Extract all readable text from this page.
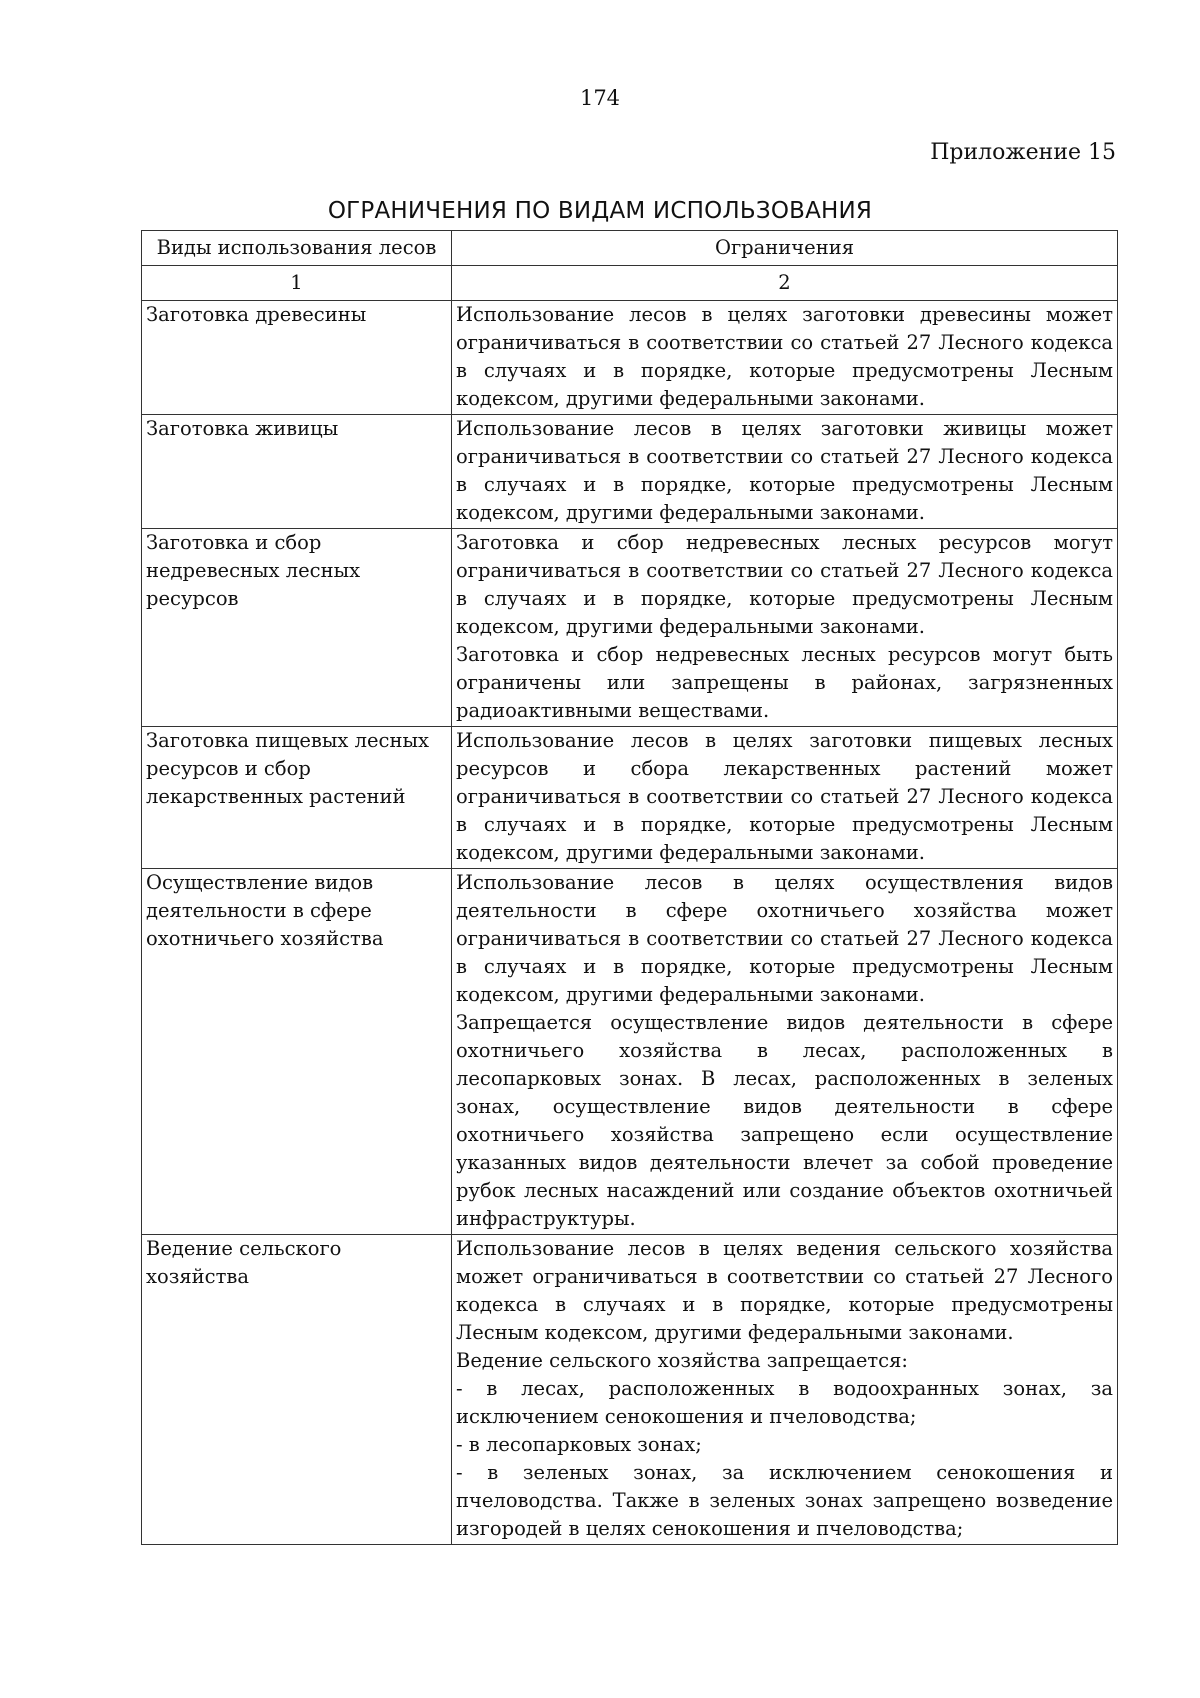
174
Приложение 15
ОГРАНИЧЕНИЯ ПО ВИДАМ ИСПОЛЬЗОВАНИЯ
Виды использования лесов	Ограничения
1	2
Заготовка древесины	Использование лесов в целях заготовки древесины может ограничиваться в соответствии со статьей 27 Лесного кодекса в случаях и в порядке, которые предусмотрены Лесным кодексом, другими федеральными законами.

Заготовка живицы	Использование лесов в целях заготовки живицы может ограничиваться в соответствии со статьей 27 Лесного кодекса в случаях и в порядке, которые предусмотрены Лесным кодексом, другими федеральными законами.

Заготовка и сбор недревесных лесных ресурсов	Заготовка и сбор недревесных лесных ресурсов могут ограничиваться в соответствии со статьей 27 Лесного кодекса в случаях и в порядке, которые предусмотрены Лесным кодексом, другими федеральными законами.

Заготовка и сбор недревесных лесных ресурсов могут быть ограничены или запрещены в районах, загрязненных радиоактивными веществами.

Заготовка пищевых лесных ресурсов и сбор лекарственных растений	Использование лесов в целях заготовки пищевых лесных ресурсов и сбора лекарственных растений может ограничиваться в соответствии со статьей 27 Лесного кодекса в случаях и в порядке, которые предусмотрены Лесным кодексом, другими федеральными законами.

Осуществление видов деятельности в сфере охотничьего хозяйства	Использование лесов в целях осуществления видов деятельности в сфере охотничьего хозяйства может ограничиваться в соответствии со статьей 27 Лесного кодекса в случаях и в порядке, которые предусмотрены Лесным кодексом, другими федеральными законами.

Запрещается осуществление видов деятельности в сфере охотничьего хозяйства в лесах, расположенных в лесопарковых зонах. В лесах, расположенных в зеленых зонах, осуществление видов деятельности в сфере охотничьего хозяйства запрещено если осуществление указанных видов деятельности влечет за собой проведение рубок лесных насаждений или создание объектов охотничьей инфраструктуры.

Ведение сельского хозяйства	Использование лесов в целях ведения сельского хозяйства может ограничиваться в соответствии со статьей 27 Лесного кодекса в случаях и в порядке, которые предусмотрены Лесным кодексом, другими федеральными законами.

Ведение сельского хозяйства запрещается:

- в лесах, расположенных в водоохранных зонах, за исключением сенокошения и пчеловодства;

- в лесопарковых зонах;

- в зеленых зонах, за исключением сенокошения и пчеловодства. Также в зеленых зонах запрещено возведение изгородей в целях сенокошения и пчеловодства;
